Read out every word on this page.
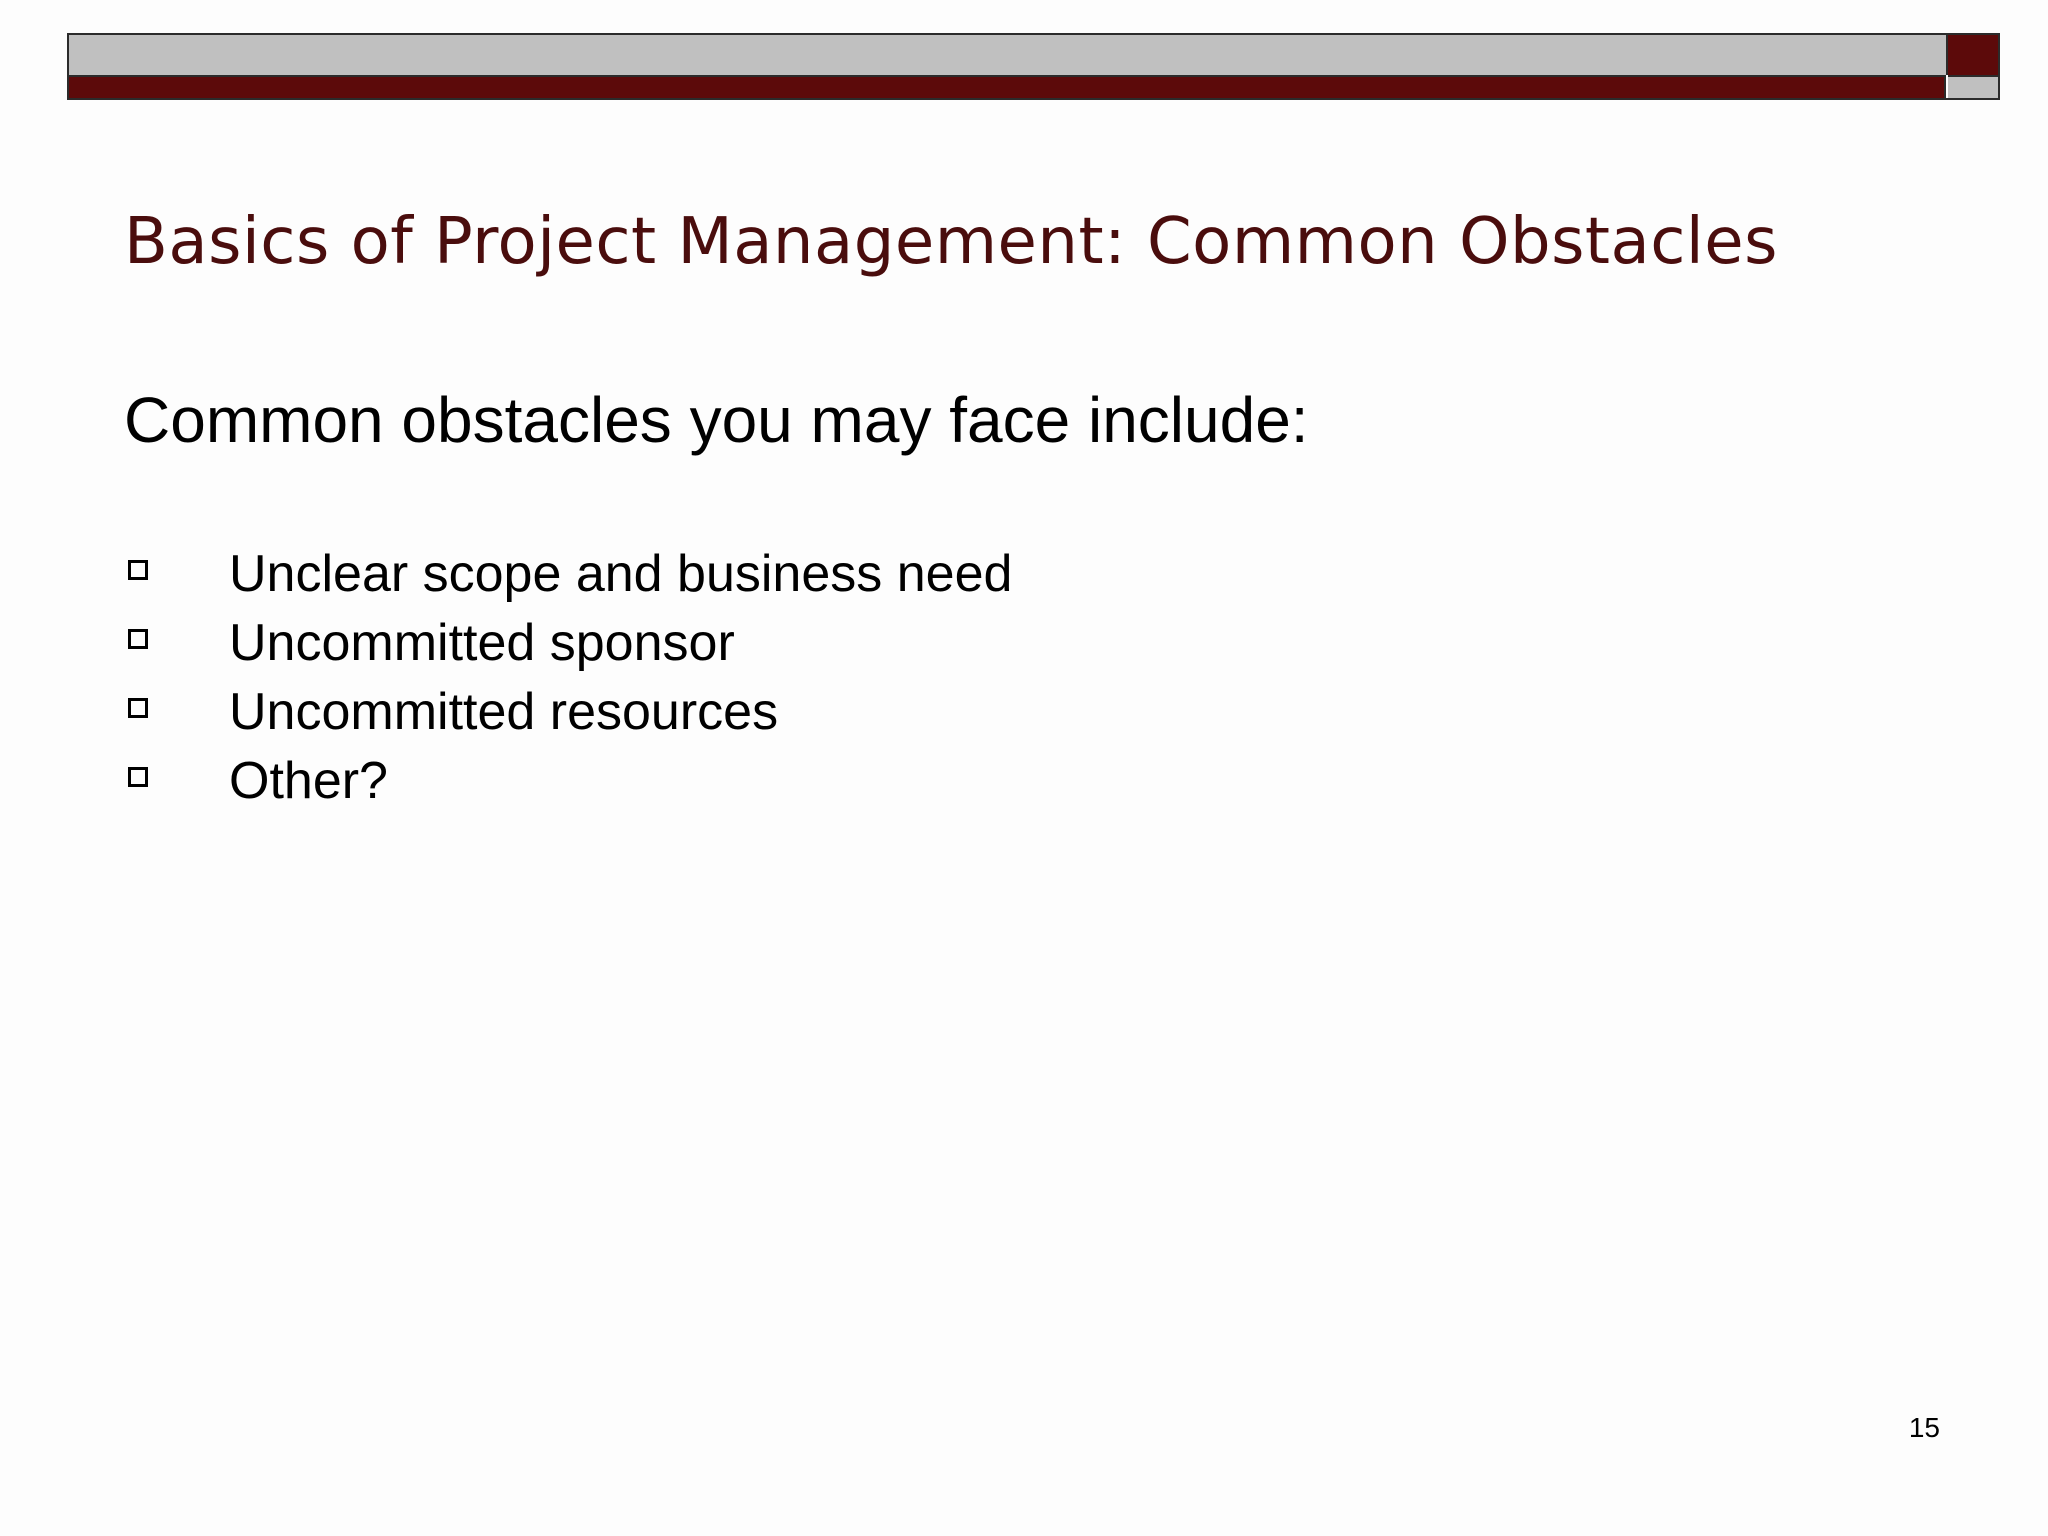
Basics of Project Management: Common Obstacles

Common obstacles you may face include:

Unclear scope and business need
Uncommitted sponsor
Uncommitted resources
Other?
15
